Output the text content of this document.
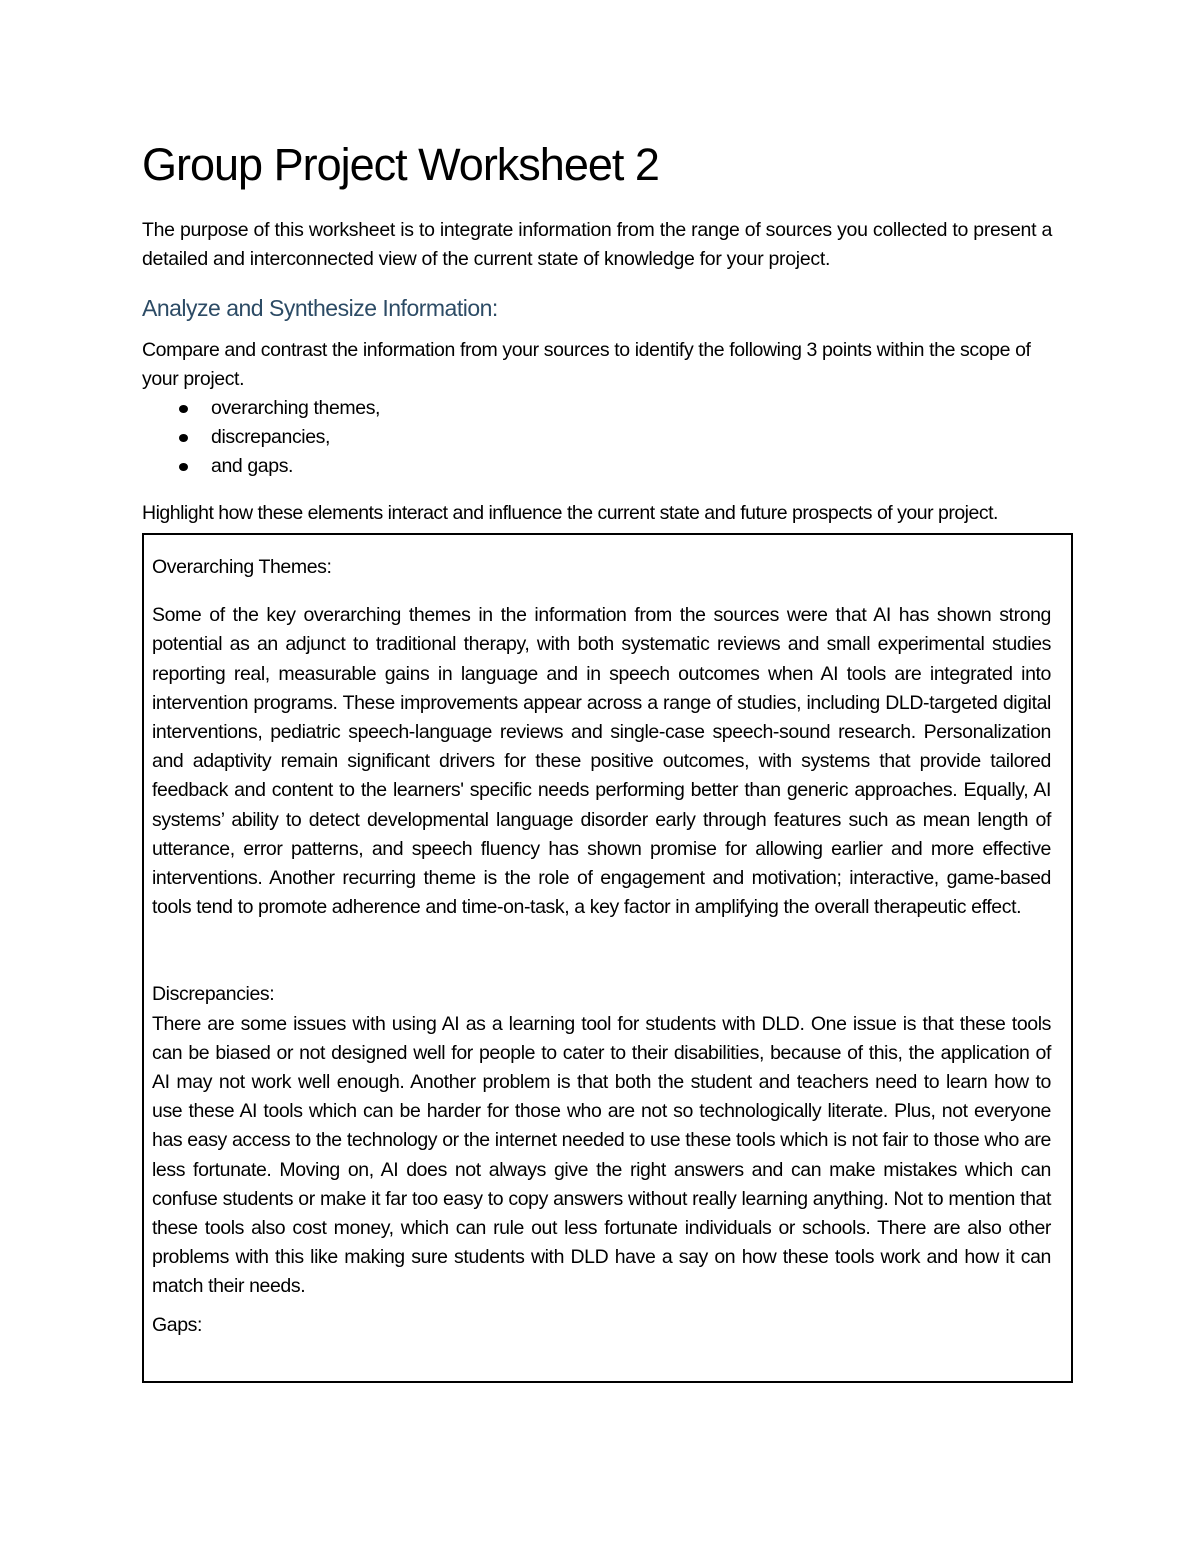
Group Project Worksheet 2

The purpose of this worksheet is to integrate information from the range of sources you collected to present a detailed and interconnected view of the current state of knowledge for your project.

Analyze and Synthesize Information:

Compare and contrast the information from your sources to identify the following 3 points within the scope of your project.

overarching themes,
discrepancies,
and gaps.

Highlight how these elements interact and influence the current state and future prospects of your project.

Overarching Themes:

Some of the key overarching themes in the information from the sources were that AI has shown strong potential as an adjunct to traditional therapy, with both systematic reviews and small experimental studies reporting real, measurable gains in language and in speech outcomes when AI tools are integrated into intervention programs. These improvements appear across a range of studies, including DLD-targeted digital interventions, pediatric speech-language reviews and single-case speech-sound research. Personalization and adaptivity remain significant drivers for these positive outcomes, with systems that provide tailored feedback and content to the learners' specific needs performing better than generic approaches. Equally, AI systems’ ability to detect developmental language disorder early through features such as mean length of utterance, error patterns, and speech fluency has shown promise for allowing earlier and more effective interventions. Another recurring theme is the role of engagement and motivation; interactive, game-based tools tend to promote adherence and time-on-task, a key factor in amplifying the overall therapeutic effect.

Discrepancies:

There are some issues with using AI as a learning tool for students with DLD. One issue is that these tools can be biased or not designed well for people to cater to their disabilities, because of this, the application of AI may not work well enough. Another problem is that both the student and teachers need to learn how to use these AI tools which can be harder for those who are not so technologically literate. Plus, not everyone has easy access to the technology or the internet needed to use these tools which is not fair to those who are less fortunate. Moving on, AI does not always give the right answers and can make mistakes which can confuse students or make it far too easy to copy answers without really learning anything. Not to mention that these tools also cost money, which can rule out less fortunate individuals or schools. There are also other problems with this like making sure students with DLD have a say on how these tools work and how it can match their needs.

Gaps:
